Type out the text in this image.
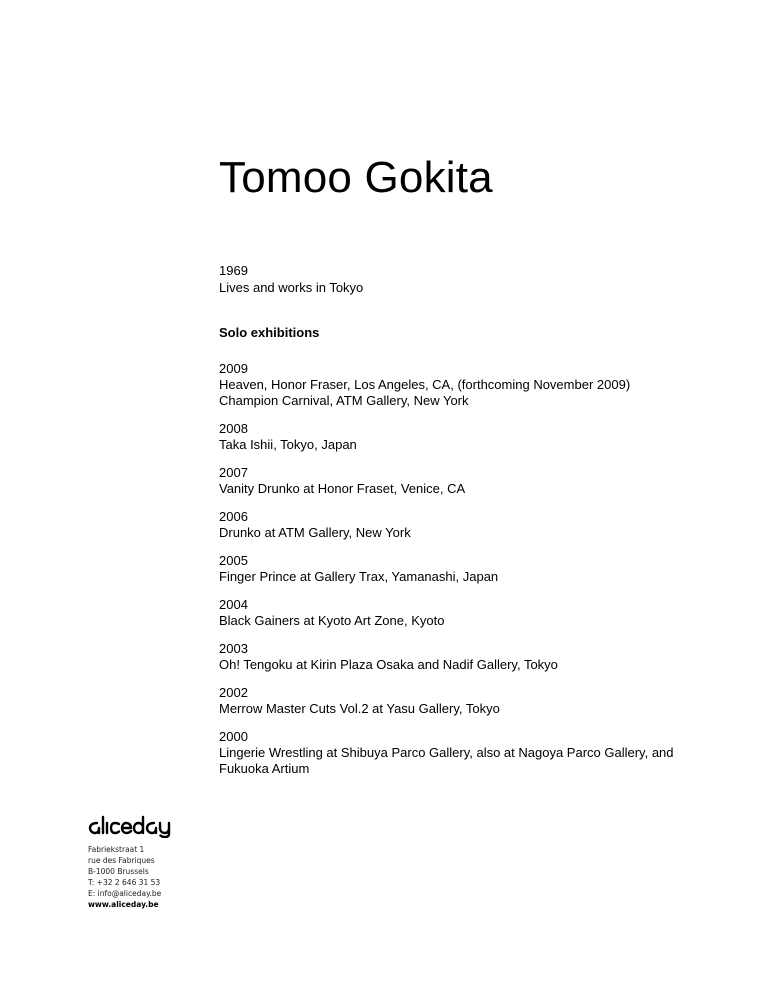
Tomoo Gokita
1969
Lives and works in Tokyo
Solo exhibitions
2009
Heaven, Honor Fraser, Los Angeles, CA, (forthcoming November 2009)
Champion Carnival, ATM Gallery, New York
2008
Taka Ishii, Tokyo, Japan
2007
Vanity Drunko at Honor Fraset, Venice, CA
2006
Drunko at ATM Gallery, New York
2005
Finger Prince at Gallery Trax, Yamanashi, Japan
2004
Black Gainers at Kyoto Art Zone, Kyoto
2003
Oh! Tengoku at Kirin Plaza Osaka and Nadif Gallery, Tokyo
2002
Merrow Master Cuts Vol.2 at Yasu Gallery, Tokyo
2000
Lingerie Wrestling at Shibuya Parco Gallery, also at Nagoya Parco Gallery, and Fukuoka Artium
Fabriekstraat 1
rue des Fabriques
B-1000 Brussels
T: +32 2 646 31 53
E: info@aliceday.be
www.aliceday.be
